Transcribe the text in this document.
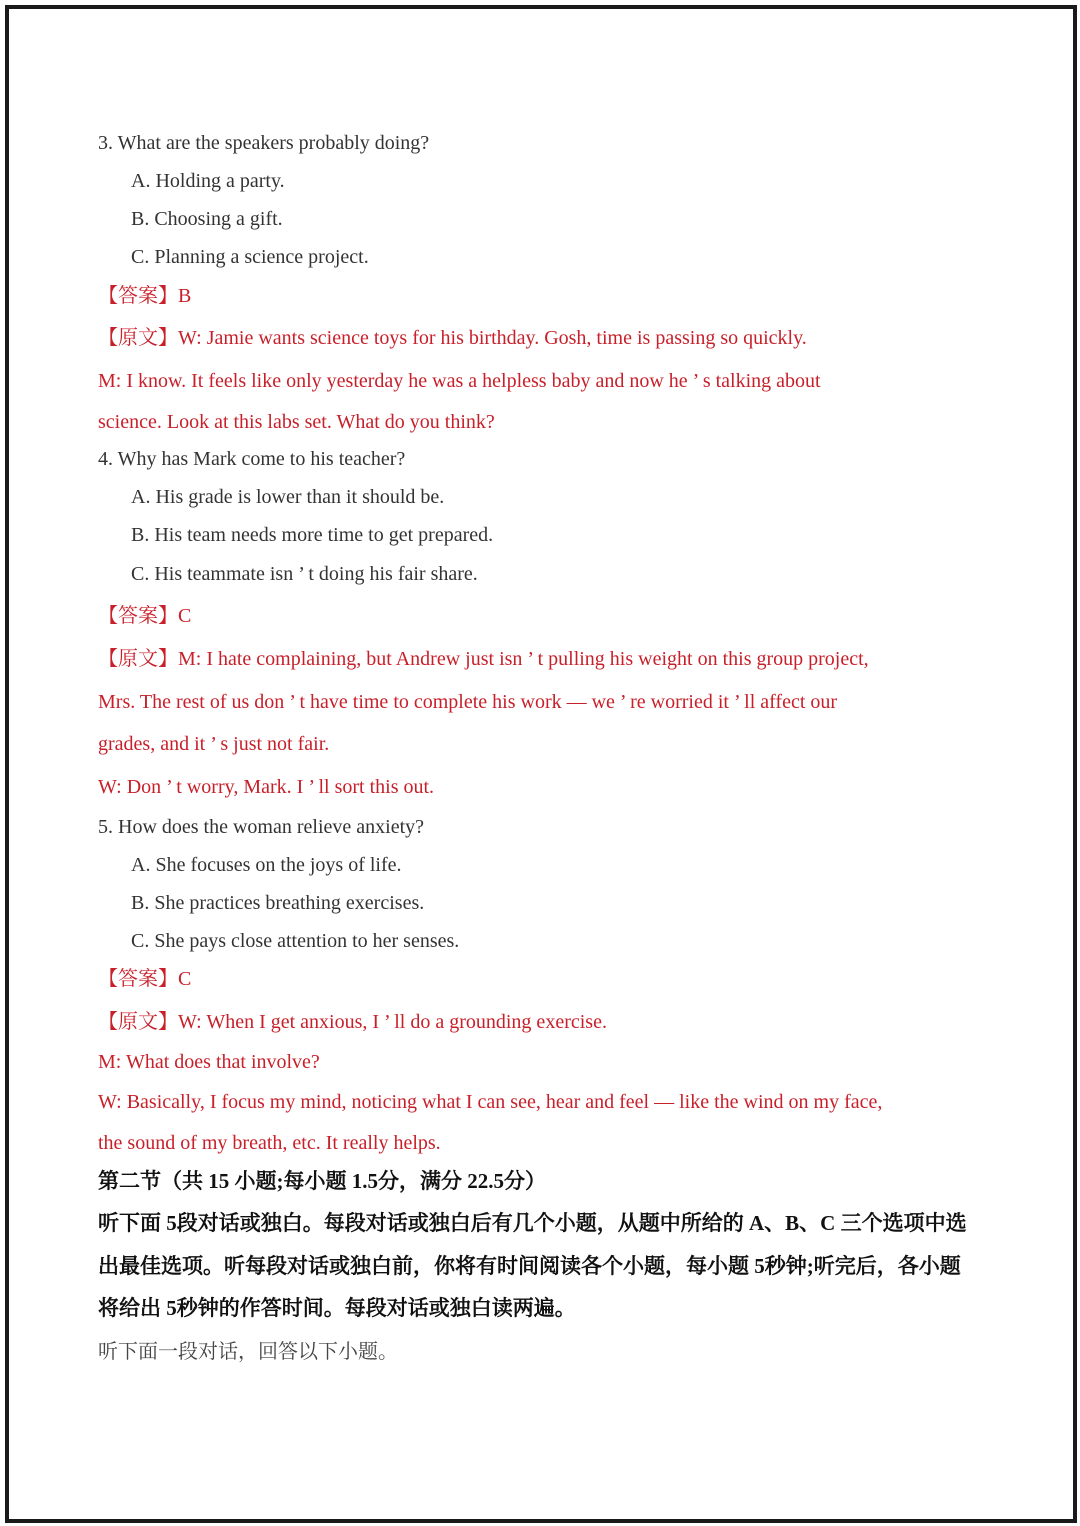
3. What are the speakers probably doing?
A. Holding a party.
B. Choosing a gift.
C. Planning a science project.
【答案】B
【原文】W: Jamie wants science toys for his birthday. Gosh, time is passing so quickly.
M: I know. It feels like only yesterday he was a helpless baby and now he ’ s talking about
science. Look at this labs set. What do you think?
4. Why has Mark come to his teacher?
A. His grade is lower than it should be.
B. His team needs more time to get prepared.
C. His teammate isn ’ t doing his fair share.
【答案】C
【原文】M: I hate complaining, but Andrew just isn ’ t pulling his weight on this group project,
Mrs. The rest of us don ’ t have time to complete his work — we ’ re worried it ’ ll affect our
grades, and it ’ s just not fair.
W: Don ’ t worry, Mark. I ’ ll sort this out.
5. How does the woman relieve anxiety?
A. She focuses on the joys of life.
B. She practices breathing exercises.
C. She pays close attention to her senses.
【答案】C
【原文】W: When I get anxious, I ’ ll do a grounding exercise.
M: What does that involve?
W: Basically, I focus my mind, noticing what I can see, hear and feel — like the wind on my face,
the sound of my breath, etc. It really helps.
第二节（共 15 小题;每小题 1.5分，满分 22.5分）
听下面 5段对话或独白。每段对话或独白后有几个小题，从题中所给的 A、B、C 三个选项中选
出最佳选项。听每段对话或独白前，你将有时间阅读各个小题，每小题 5秒钟;听完后，各小题
将给出 5秒钟的作答时间。每段对话或独白读两遍。
听下面一段对话，回答以下小题。
